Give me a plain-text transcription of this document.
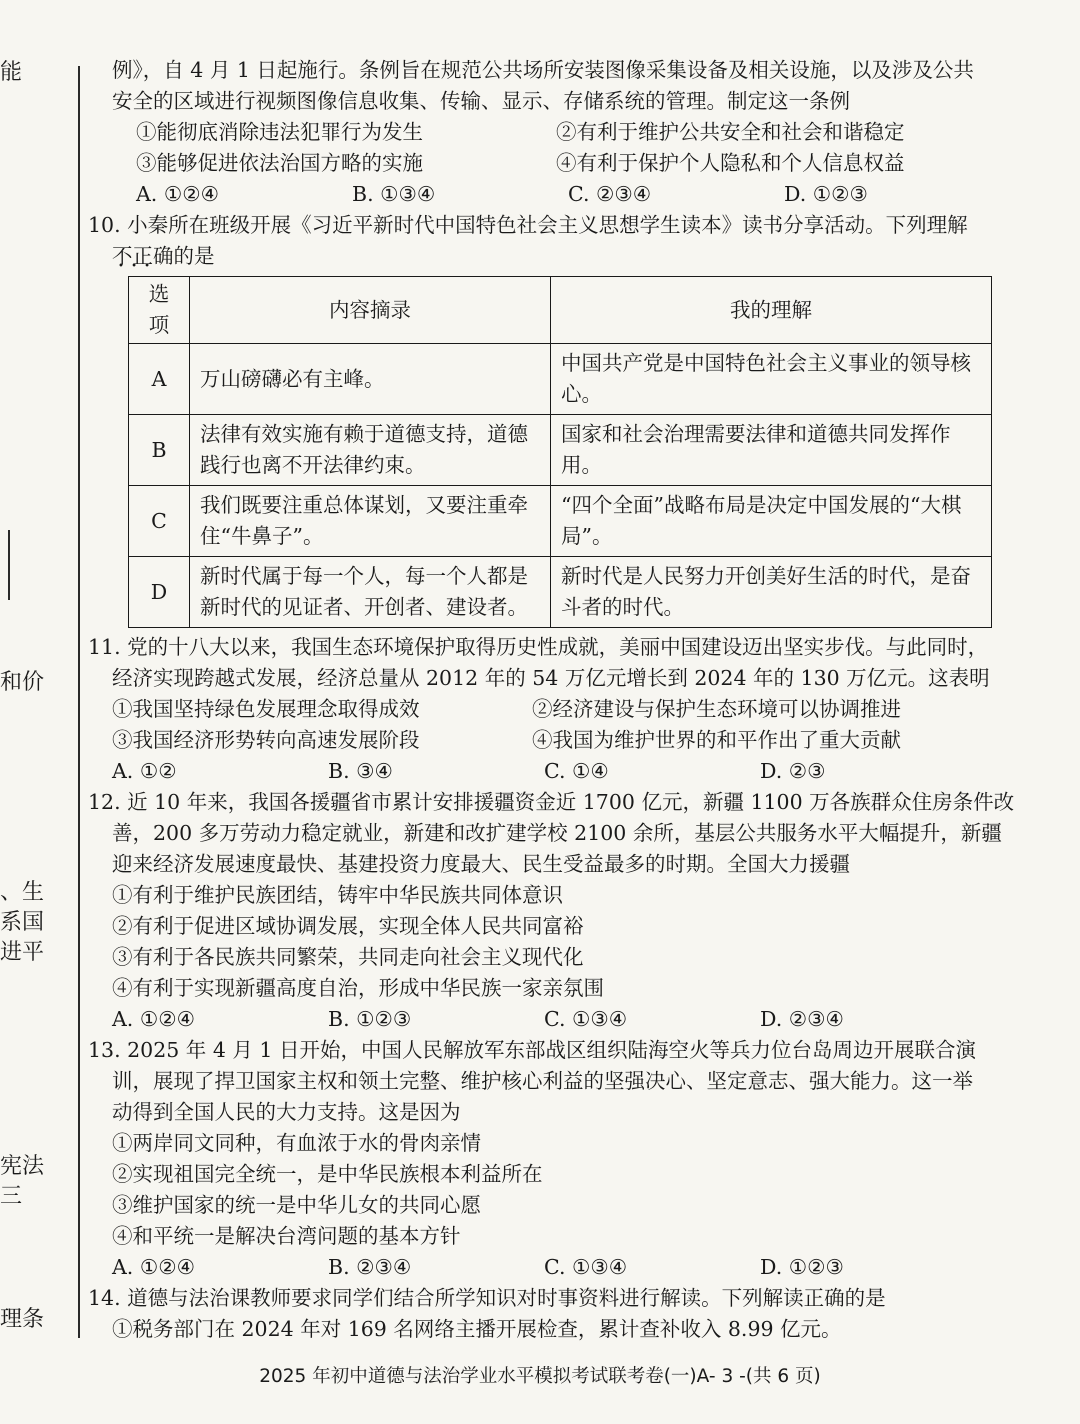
能
和价
、生
系国
进平
宪法
三
理条
例》，自 4 月 1 日起施行。条例旨在规范公共场所安装图像采集设备及相关设施，以及涉及公共
安全的区域进行视频图像信息收集、传输、显示、存储系统的管理。制定这一条例
①能彻底消除违法犯罪行为发生	②有利于维护公共安全和社会和谐稳定
③能够促进依法治国方略的实施	④有利于保护个人隐私和个人信息权益
A. ①②④	B. ①③④	C. ②③④	D. ①②③
10. 小秦所在班级开展《习近平新时代中国特色社会主义思想学生读本》读书分享活动。下列理解
不正确的是 • • •
选项	内容摘录	我的理解
A	万山磅礴必有主峰。	中国共产党是中国特色社会主义事业的领导核心。
B	法律有效实施有赖于道德支持，道德践行也离不开法律约束。	国家和社会治理需要法律和道德共同发挥作用。
C	我们既要注重总体谋划，又要注重牵住“牛鼻子”。	“四个全面”战略布局是决定中国发展的“大棋局”。
D	新时代属于每一个人，每一个人都是新时代的见证者、开创者、建设者。	新时代是人民努力开创美好生活的时代，是奋斗者的时代。
11. 党的十八大以来，我国生态环境保护取得历史性成就，美丽中国建设迈出坚实步伐。与此同时，
经济实现跨越式发展，经济总量从 2012 年的 54 万亿元增长到 2024 年的 130 万亿元。这表明
①我国坚持绿色发展理念取得成效	②经济建设与保护生态环境可以协调推进
③我国经济形势转向高速发展阶段	④我国为维护世界的和平作出了重大贡献
A. ①②	B. ③④	C. ①④	D. ②③
12. 近 10 年来，我国各援疆省市累计安排援疆资金近 1700 亿元，新疆 1100 万各族群众住房条件改
善，200 多万劳动力稳定就业，新建和改扩建学校 2100 余所，基层公共服务水平大幅提升，新疆
迎来经济发展速度最快、基建投资力度最大、民生受益最多的时期。全国大力援疆
①有利于维护民族团结，铸牢中华民族共同体意识
②有利于促进区域协调发展，实现全体人民共同富裕
③有利于各民族共同繁荣，共同走向社会主义现代化
④有利于实现新疆高度自治，形成中华民族一家亲氛围
A. ①②④	B. ①②③	C. ①③④	D. ②③④
13. 2025 年 4 月 1 日开始，中国人民解放军东部战区组织陆海空火等兵力位台岛周边开展联合演
训，展现了捍卫国家主权和领土完整、维护核心利益的坚强决心、坚定意志、强大能力。这一举
动得到全国人民的大力支持。这是因为
①两岸同文同种，有血浓于水的骨肉亲情
②实现祖国完全统一，是中华民族根本利益所在
③维护国家的统一是中华儿女的共同心愿
④和平统一是解决台湾问题的基本方针
A. ①②④	B. ②③④	C. ①③④	D. ①②③
14. 道德与法治课教师要求同学们结合所学知识对时事资料进行解读。下列解读正确的是
①税务部门在 2024 年对 169 名网络主播开展检查，累计查补收入 8.99 亿元。
2025 年初中道德与法治学业水平模拟考试联考卷(一)A- 3 -(共 6 页)
